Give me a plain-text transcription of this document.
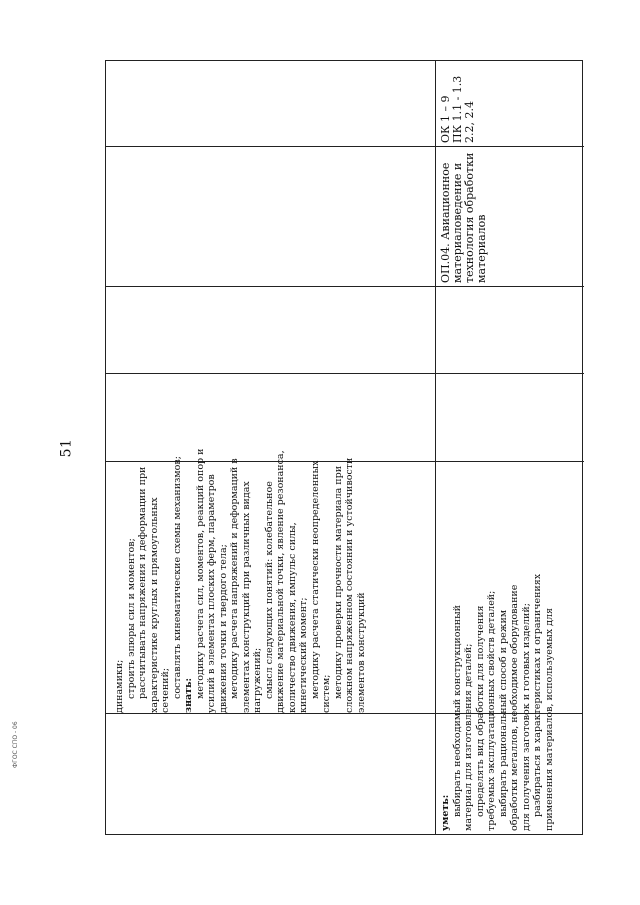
51
ФГОС СПО - 06
динамики; строить эпюры сил и моментов; рассчитывать напряжения и деформации при характеристике круглых и прямоугольных сечений; составлять кинематические схемы механизмов; знать: методику расчета сил, моментов, реакций опор и усилий в элементах плоских ферм, параметров движения точки и твердого тела; методику расчета напряжений и деформаций в элементах конструкций при различных видах нагружений; смысл следующих понятий: колебательное движение материальной точки, явление резонанса, количество движения, импульс силы, кинетический момент; методику расчета статически неопределенных систем; методику проверки прочности материала при сложном напряженном состоянии и устойчивости элементов конструкций
уметь: выбирать необходимый конструкционный материал для изготовления деталей; определять вид обработки для получения требуемых эксплуатационных свойств деталей; выбирать рациональный способ и режим обработки металлов, необходимое оборудование для получения заготовок и готовых изделий; разбираться в характеристиках и ограничениях применения материалов, используемых для
ОП.04. Авиационное материаловедение и технология обработки материалов
ОК 1 – 9 ПК 1.1 - 1.3 2.2, 2.4
